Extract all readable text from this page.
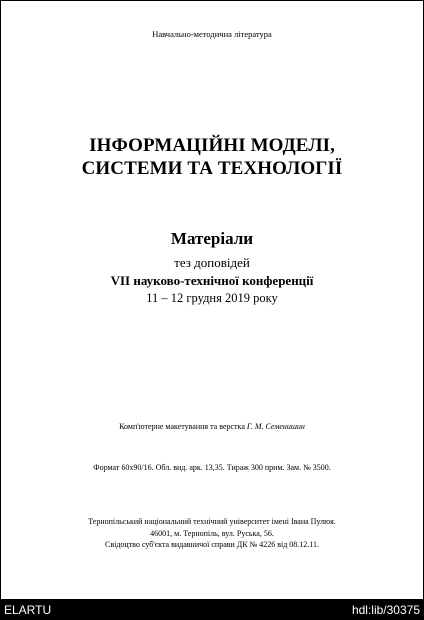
Навчально-методична література
ІНФОРМАЦІЙНІ МОДЕЛІ,
СИСТЕМИ ТА ТЕХНОЛОГІЇ
Матеріали
тез доповідей
VII науково-технічної конференції
11 – 12 грудня 2019 року
Комп'ютерне макетування та верстка Г. М. Семенишин
Формат 60х90/16. Обл. вид. арк. 13,35. Тираж 300 прим. Зам. № 3500.
Тернопільський національний технічний університет імені Івана Пулюя.
46001, м. Тернопіль, вул. Руська, 56.
Свідоцтво суб'єкта видавничої справи ДК № 4226 від 08.12.11.
ELARTU	hdl:lib/30375
